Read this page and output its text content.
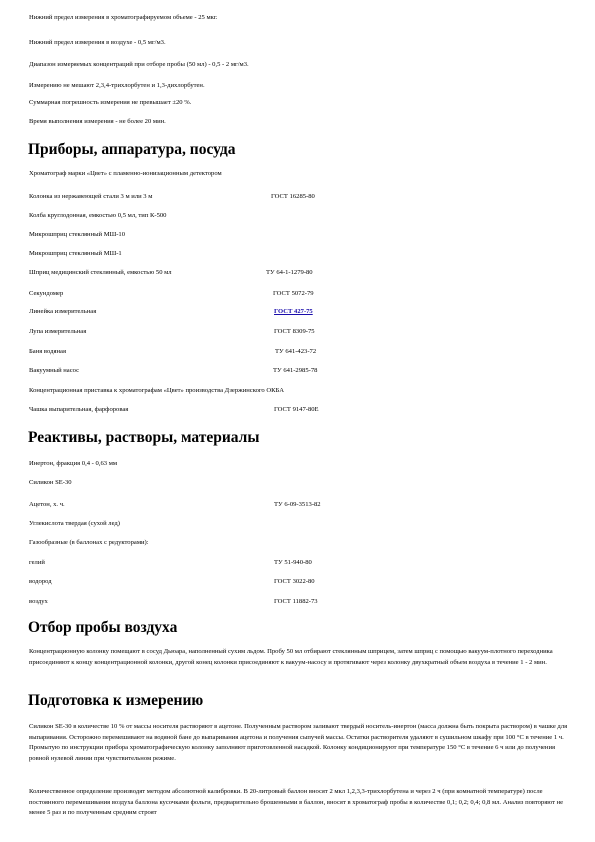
Нижний предел измерения в хроматографируемом объеме - 25 мкг.
Нижний предел измерения в воздухе - 0,5 мг/м3.
Диапазон измеряемых концентраций при отборе пробы (50 мл) - 0,5 - 2 мг/м3.
Измерению не мешают 2,3,4-трихлорбутен и 1,3-дихлорбутен.
Суммарная погрешность измерения не превышает ±20 %.
Время выполнения измерения - не более 20 мин.
Приборы, аппаратура, посуда
Хроматограф марки «Цвет» с пламенно-ионизационным детектором
Колонка из нержавеющей стали 3 м или 3 м	ГОСТ 16285-80
Колба круглодонная, емкостью 0,5 мл, тип К-500
Микрошприц стеклянный МШ-10
Микрошприц стеклянный МШ-1
Шприц медицинский стеклянный, емкостью 50 мл	ТУ 64-1-1279-80
Секундомер	ГОСТ 5072-79
Линейка измерительная	ГОСТ 427-75
Лупа измерительная	ГОСТ 8309-75
Баня водяная	ТУ 641-423-72
Вакуумный насос	ТУ 641-2985-78
Концентрационная приставка к хроматографам «Цвет» производства Дзержинского ОКБА
Чашка выпарительная, фарфоровая	ГОСТ 9147-80Е
Реактивы, растворы, материалы
Инертон, фракция 0,4 - 0,63 мм
Силикон SE-30
Ацетон, х. ч.	ТУ 6-09-3513-82
Углекислота твердая (сухой лед)
Газообразные (в баллонах с редукторами):
гелий	ТУ 51-940-80
водород	ГОСТ 3022-80
воздух	ГОСТ 11882-73
Отбор пробы воздуха
Концентрационную колонку помещают в сосуд Дьюара, наполненный сухим льдом. Пробу 50 мл отбирают стеклянным шприцем, затем шприц с помощью вакуум-плотного переходника присоединяют к концу концентрационной колонки, другой конец колонки присоединяют к вакуум-насосу и протягивают через колонку двухкратный объем воздуха в течение 1 - 2 мин.
Подготовка к измерению
Силикон SE-30 в количестве 10 % от массы носителя растворяют в ацетоне. Полученным раствором заливают твердый носитель-инертон (масса должна быть покрыта раствором) в чашке для выпаривания. Осторожно перемешивают на водяной бане до выпаривания ацетона и получения сыпучей массы. Остатки растворителя удаляют в сушильном шкафу при 100 °С в течение 1 ч. Промытую по инструкции прибора хроматографическую колонку заполняют приготовленной насадкой. Колонку кондиционируют при температуре 150 °С в течение 6 ч или до получения ровной нулевой линии при чувствительном режиме.
Количественное определение производят методом абсолютной калибровки. В 20-литровый баллон вносят 2 мкл 1,2,3,3-трихлорбутена и через 2 ч (при комнатной температуре) после постоянного перемешивания воздуха баллона кусочками фольги, предварительно брошенными в баллон, вносят в хроматограф пробы в количестве 0,1; 0,2; 0,4; 0,8 мл. Анализ повторяют не менее 5 раз и по полученным средним строят
